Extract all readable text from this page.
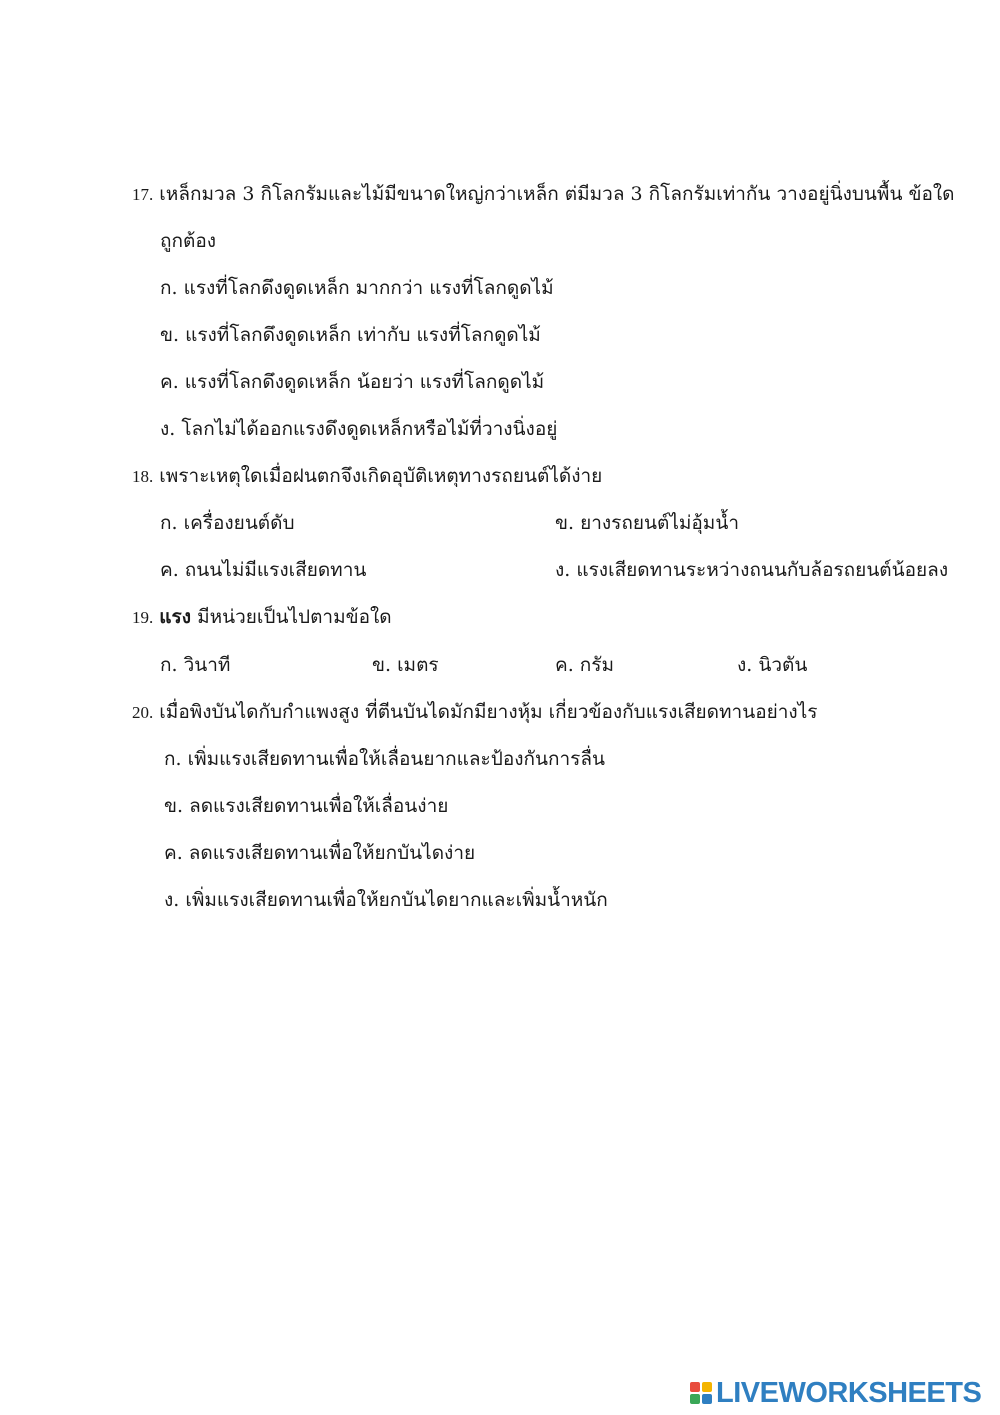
17. เหล็กมวล 3 กิโลกรัมและไม้มีขนาดใหญ่กว่าเหล็ก ต่มีมวล 3 กิโลกรัมเท่ากัน วางอยู่นิ่งบนพื้น ข้อใด
ถูกต้อง
ก. แรงที่โลกดึงดูดเหล็ก มากกว่า แรงที่โลกดูดไม้
ข. แรงที่โลกดึงดูดเหล็ก เท่ากับ แรงที่โลกดูดไม้
ค. แรงที่โลกดึงดูดเหล็ก น้อยว่า แรงที่โลกดูดไม้
ง. โลกไม่ได้ออกแรงดึงดูดเหล็กหรือไม้ที่วางนิ่งอยู่
18. เพราะเหตุใดเมื่อฝนตกจึงเกิดอุบัติเหตุทางรถยนต์ได้ง่าย
ก. เครื่องยนต์ดับ	ข. ยางรถยนต์ไม่อุ้มน้ำ
ค. ถนนไม่มีแรงเสียดทาน	ง. แรงเสียดทานระหว่างถนนกับล้อรถยนต์น้อยลง
19. แรง มีหน่วยเป็นไปตามข้อใด
ก. วินาที	ข. เมตร	ค. กรัม	ง. นิวตัน
20. เมื่อพิงบันไดกับกำแพงสูง ที่ตีนบันไดมักมียางหุ้ม เกี่ยวข้องกับแรงเสียดทานอย่างไร
ก. เพิ่มแรงเสียดทานเพื่อให้เลื่อนยากและป้องกันการลื่น
ข. ลดแรงเสียดทานเพื่อให้เลื่อนง่าย
ค. ลดแรงเสียดทานเพื่อให้ยกบันไดง่าย
ง. เพิ่มแรงเสียดทานเพื่อให้ยกบันไดยากและเพิ่มน้ำหนัก
LIVEWORKSHEETS
